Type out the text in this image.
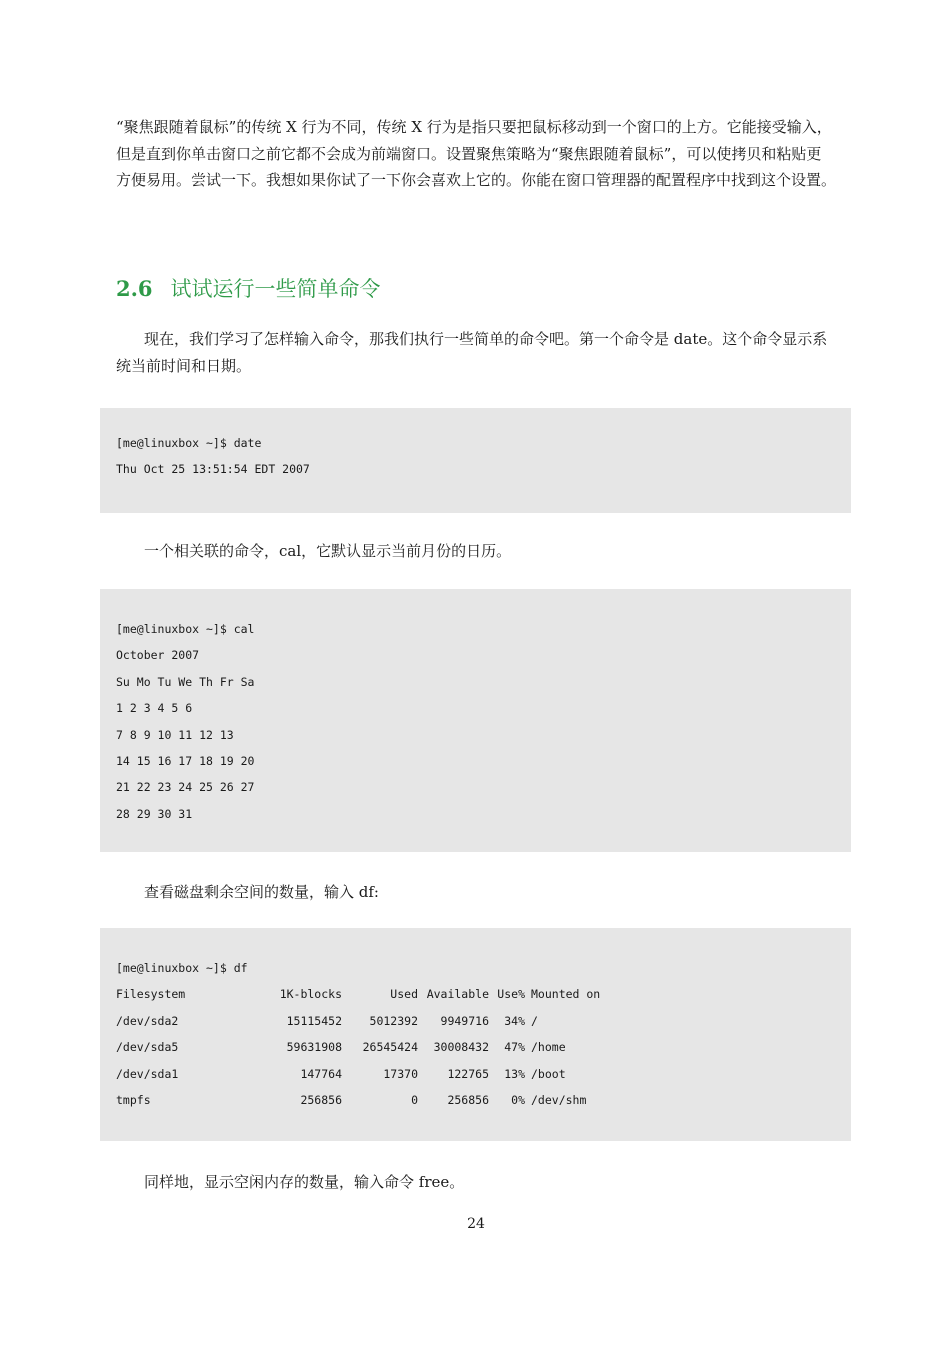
“聚焦跟随着鼠标”的传统 X 行为不同，传统 X 行为是指只要把鼠标移动到一个窗口的上方。它能接受输入，但是直到你单击窗口之前它都不会成为前端窗口。设置聚焦策略为“聚焦跟随着鼠标”，可以使拷贝和粘贴更方便易用。尝试一下。我想如果你试了一下你会喜欢上它的。你能在窗口管理器的配置程序中找到这个设置。

2.6 试试运行一些简单命令

现在，我们学习了怎样输入命令，那我们执行一些简单的命令吧。第一个命令是 date。这个命令显示系统当前时间和日期。

[me@linuxbox ~]$ date
Thu Oct 25 13:51:54 EDT 2007

一个相关联的命令，cal，它默认显示当前月份的日历。

[me@linuxbox ~]$ cal
October 2007
Su Mo Tu We Th Fr Sa
1 2 3 4 5 6
7 8 9 10 11 12 13
14 15 16 17 18 19 20
21 22 23 24 25 26 27
28 29 30 31

查看磁盘剩余空间的数量，输入 df:

[me@linuxbox ~]$ df
Filesystem	1K-blocks	Used Available Use% Mounted on
/dev/sda2	15115452 5012392 9949716 34% /
/dev/sda5	59631908 26545424 30008432 47% /home
/dev/sda1	147764	17370	122765 13% /boot
tmpfs	256856	0	256856 0% /dev/shm

同样地，显示空闲内存的数量，输入命令 free。

24
